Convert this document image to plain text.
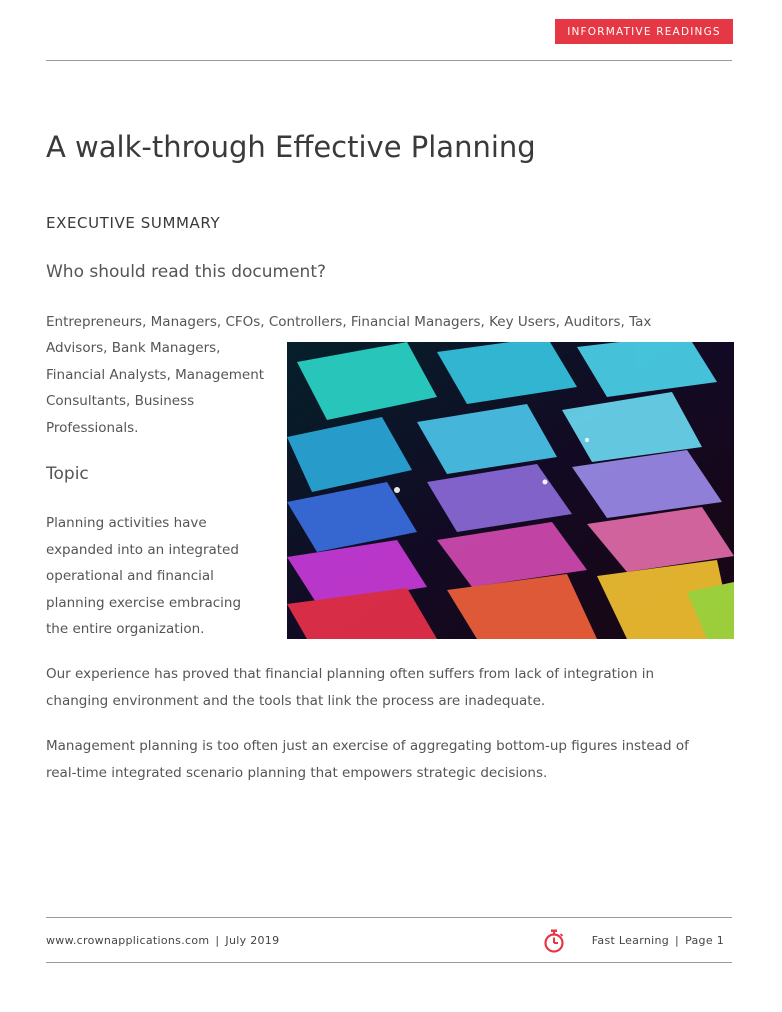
INFORMATIVE READINGS
A walk-through Effective Planning
EXECUTIVE SUMMARY
Who should read this document?
Entrepreneurs, Managers, CFOs, Controllers, Financial Managers, Key Users, Auditors, Tax
Advisors, Bank Managers,
Financial Analysts, Management
Consultants, Business
Professionals.
Topic
Planning activities have
expanded into an integrated
operational and financial
planning exercise embracing
the entire organization.
Our experience has proved that financial planning often suffers from lack of integration in
changing environment and the tools that link the process are inadequate.
Management planning is too often just an exercise of aggregating bottom-up figures instead of
real-time integrated scenario planning that empowers strategic decisions.
www.crownapplications.com | July 2019	Fast Learning | Page 1
